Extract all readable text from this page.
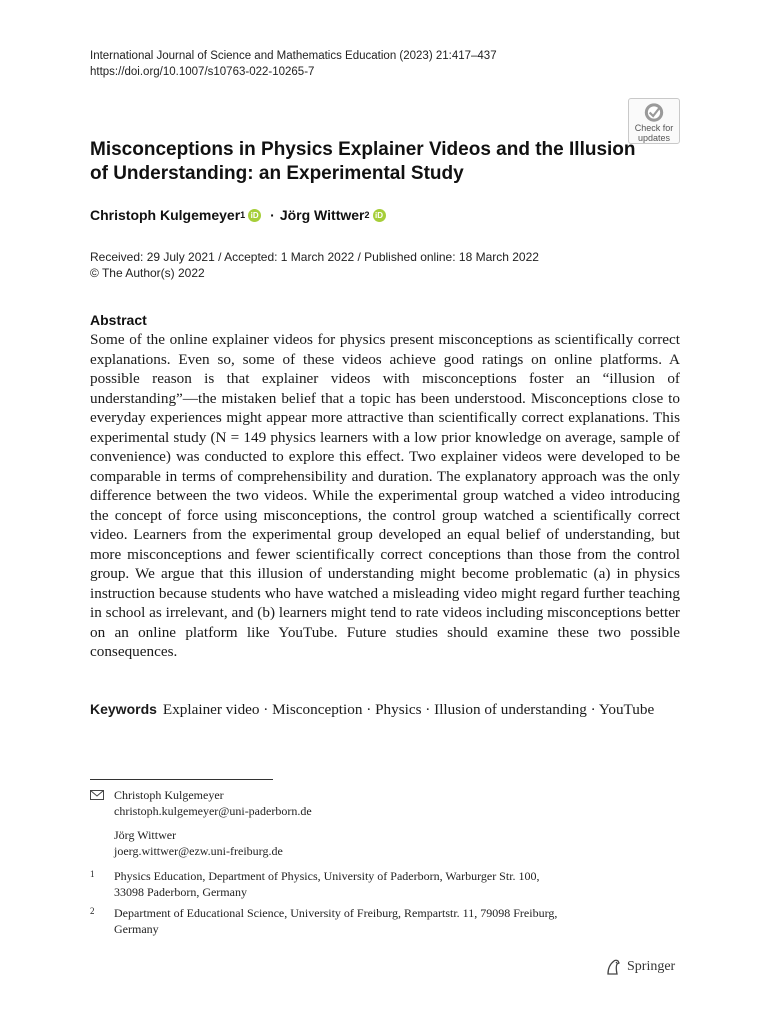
International Journal of Science and Mathematics Education (2023) 21:417–437
https://doi.org/10.1007/s10763-022-10265-7
Check for
updates
Misconceptions in Physics Explainer Videos and the Illusion of Understanding: an Experimental Study
Christoph Kulgemeyer 1 iD · Jörg Wittwer 2 iD
Received: 29 July 2021 / Accepted: 1 March 2022 / Published online: 18 March 2022
© The Author(s) 2022
Abstract

Some of the online explainer videos for physics present misconceptions as scientifically correct explanations. Even so, some of these videos achieve good ratings on online platforms. A possible reason is that explainer videos with misconceptions foster an “illusion of understanding”—the mistaken belief that a topic has been understood. Misconceptions close to everyday experiences might appear more attractive than scientifically correct explanations. This experimental study (N = 149 physics learners with a low prior knowledge on average, sample of convenience) was conducted to explore this effect. Two explainer videos were developed to be comparable in terms of comprehensibility and duration. The explanatory approach was the only difference between the two videos. While the experimental group watched a video introducing the concept of force using misconceptions, the control group watched a scientifically correct video. Learners from the experimental group developed an equal belief of understanding, but more misconceptions and fewer scientifically correct conceptions than those from the control group. We argue that this illusion of understanding might become problematic (a) in physics instruction because students who have watched a misleading video might regard further teaching in school as irrelevant, and (b) learners might tend to rate videos including misconceptions better on an online platform like YouTube. Future studies should examine these two possible consequences.

Keywords Explainer video · Misconception · Physics · Illusion of understanding · YouTube
Christoph Kulgemeyer
christoph.kulgemeyer@uni-paderborn.de
Jörg Wittwer
joerg.wittwer@ezw.uni-freiburg.de
1 Physics Education, Department of Physics, University of Paderborn, Warburger Str. 100,
33098 Paderborn, Germany
2 Department of Educational Science, University of Freiburg, Rempartstr. 11, 79098 Freiburg,
Germany
Springer
